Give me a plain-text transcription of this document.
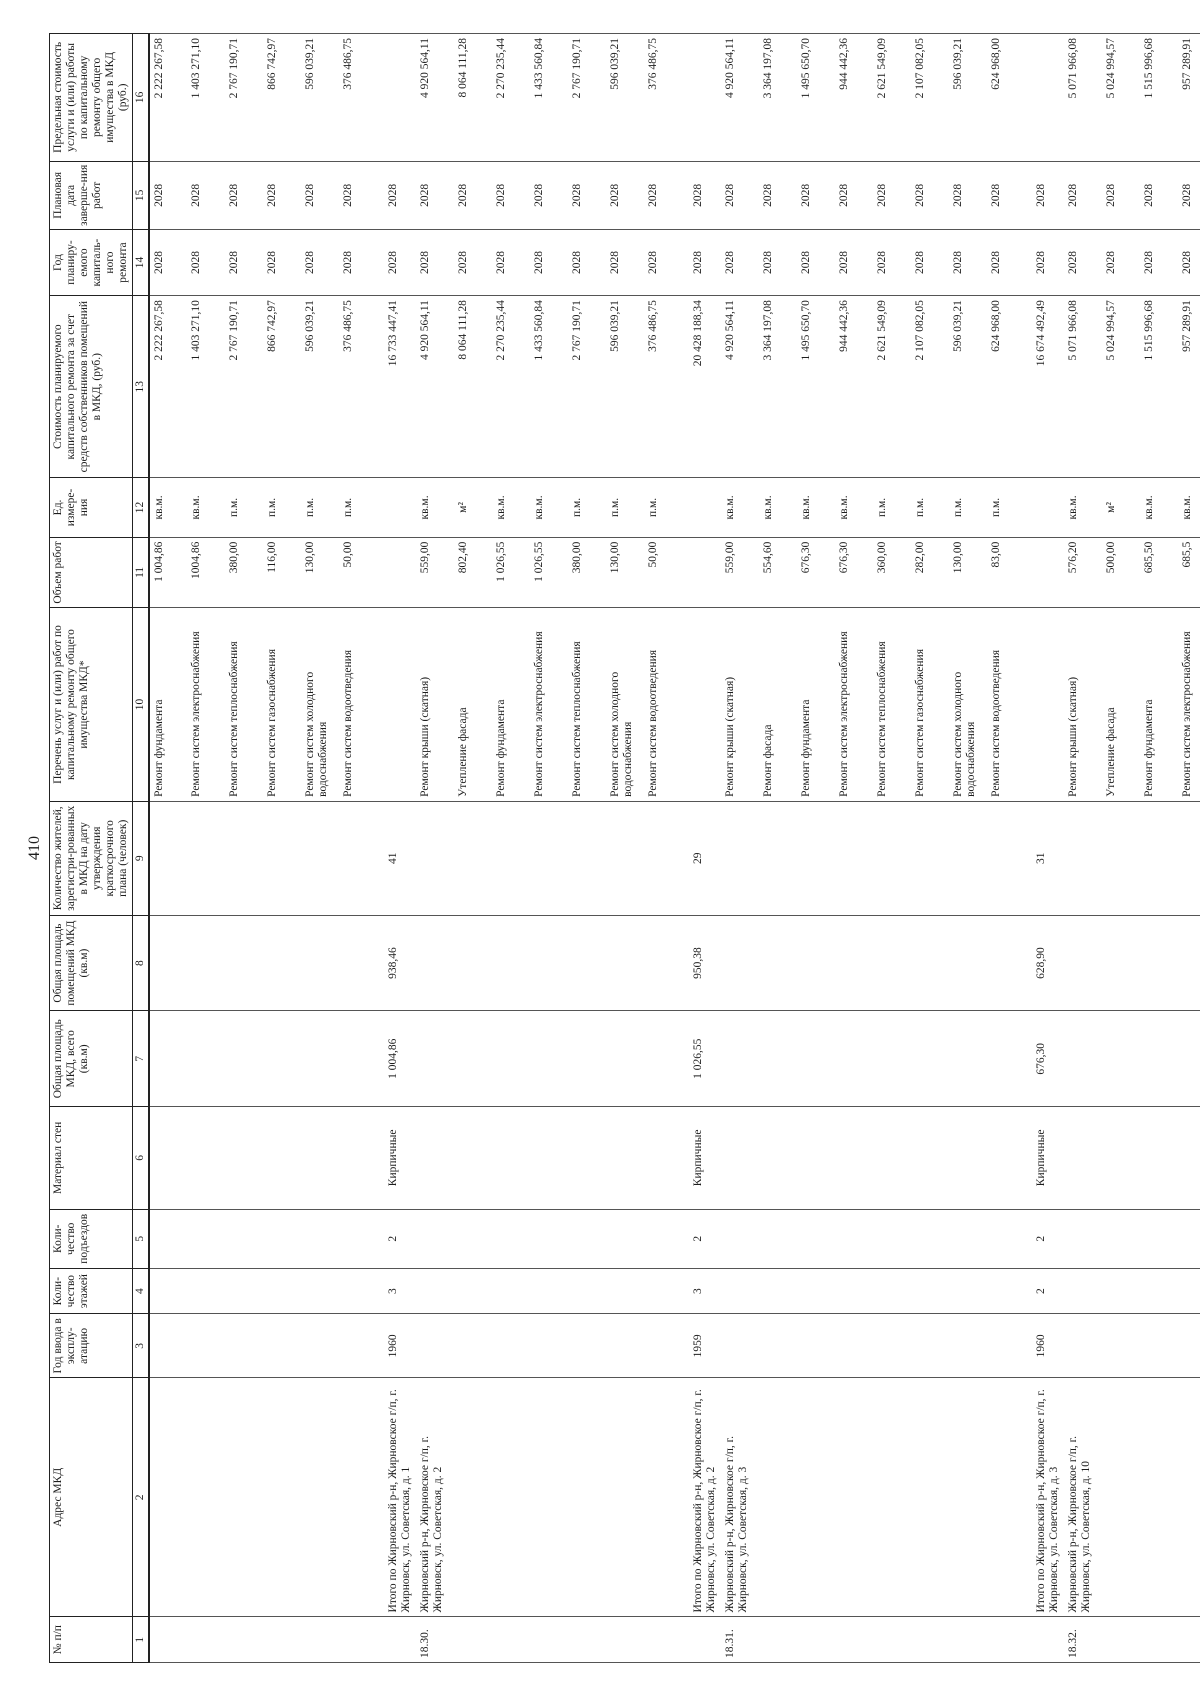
410
№ п/п	Адрес МКД	Год ввода в эксплу-атацию	Коли-чество этажей	Коли-чество подъездов	Материал стен	Общая площадь МКД, всего (кв.м)	Общая площадь помещений МКД (кв.м)	Количество жителей, зарегистри-рованных в МКД на дату утверждения краткосрочного плана (человек)	Перечень услуг и (или) работ по капитальному ремонту общего имущества МКД*	Объем работ	Ед. измере-ния	Стоимость планируемого капитального ремонта за счет средств собственников помещений в МКД, (руб.)	Год планиру-емого капиталь-ного ремонта	Плановая дата заверше-ния работ	Предельная стоимость услуги и (или) работы по капитальному ремонту общего имущества в МКД (руб.)
1	2	3	4	5	6	7	8	9	10	11	12	13	14	15	16
									Ремонт фундамента	1 004,86	кв.м.	2 222 267,58	2028	2028	2 222 267,58
									Ремонт систем электроснабжения	1004,86	кв.м.	1 403 271,10	2028	2028	1 403 271,10
									Ремонт систем теплоснабжения	380,00	п.м.	2 767 190,71	2028	2028	2 767 190,71
									Ремонт систем газоснабжения	116,00	п.м.	866 742,97	2028	2028	866 742,97
									Ремонт систем холодного водоснабжения	130,00	п.м.	596 039,21	2028	2028	596 039,21
									Ремонт систем водоотведения	50,00	п.м.	376 486,75	2028	2028	376 486,75
	Итого по Жирновский р-н, Жирновское г/п, г. Жирновск, ул. Советская, д. 1	1960	3	2	Кирпичные	1 004,86	938,46	41				16 733 447,41	2028	2028	
18.30.	Жирновский р-н, Жирновское г/п, г. Жирновск, ул. Советская, д. 2								Ремонт крыши (скатная)	559,00	кв.м.	4 920 564,11	2028	2028	4 920 564,11
									Утепление фасада	802,40	м²	8 064 111,28	2028	2028	8 064 111,28
									Ремонт фундамента	1 026,55	кв.м.	2 270 235,44	2028	2028	2 270 235,44
									Ремонт систем электроснабжения	1 026,55	кв.м.	1 433 560,84	2028	2028	1 433 560,84
									Ремонт систем теплоснабжения	380,00	п.м.	2 767 190,71	2028	2028	2 767 190,71
									Ремонт систем холодного водоснабжения	130,00	п.м.	596 039,21	2028	2028	596 039,21
									Ремонт систем водоотведения	50,00	п.м.	376 486,75	2028	2028	376 486,75
	Итого по Жирновский р-н, Жирновское г/п, г. Жирновск, ул. Советская, д. 2	1959	3	2	Кирпичные	1 026,55	950,38	29				20 428 188,34	2028	2028	
18.31.	Жирновский р-н, Жирновское г/п, г. Жирновск, ул. Советская, д. 3								Ремонт крыши (скатная)	559,00	кв.м.	4 920 564,11	2028	2028	4 920 564,11
									Ремонт фасада	554,60	кв.м.	3 364 197,08	2028	2028	3 364 197,08
									Ремонт фундамента	676,30	кв.м.	1 495 650,70	2028	2028	1 495 650,70
									Ремонт систем электроснабжения	676,30	кв.м.	944 442,36	2028	2028	944 442,36
									Ремонт систем теплоснабжения	360,00	п.м.	2 621 549,09	2028	2028	2 621 549,09
									Ремонт систем газоснабжения	282,00	п.м.	2 107 082,05	2028	2028	2 107 082,05
									Ремонт систем холодного водоснабжения	130,00	п.м.	596 039,21	2028	2028	596 039,21
									Ремонт систем водоотведения	83,00	п.м.	624 968,00	2028	2028	624 968,00
	Итого по Жирновский р-н, Жирновское г/п, г. Жирновск, ул. Советская, д. 3	1960	2	2	Кирпичные	676,30	628,90	31				16 674 492,49	2028	2028	
18.32.	Жирновский р-н, Жирновское г/п, г. Жирновск, ул. Советская, д. 10								Ремонт крыши (скатная)	576,20	кв.м.	5 071 966,08	2028	2028	5 071 966,08
									Утепление фасада	500,00	м²	5 024 994,57	2028	2028	5 024 994,57
									Ремонт фундамента	685,50	кв.м.	1 515 996,68	2028	2028	1 515 996,68
									Ремонт систем электроснабжения	685,5	кв.м.	957 289,91	2028	2028	957 289,91
